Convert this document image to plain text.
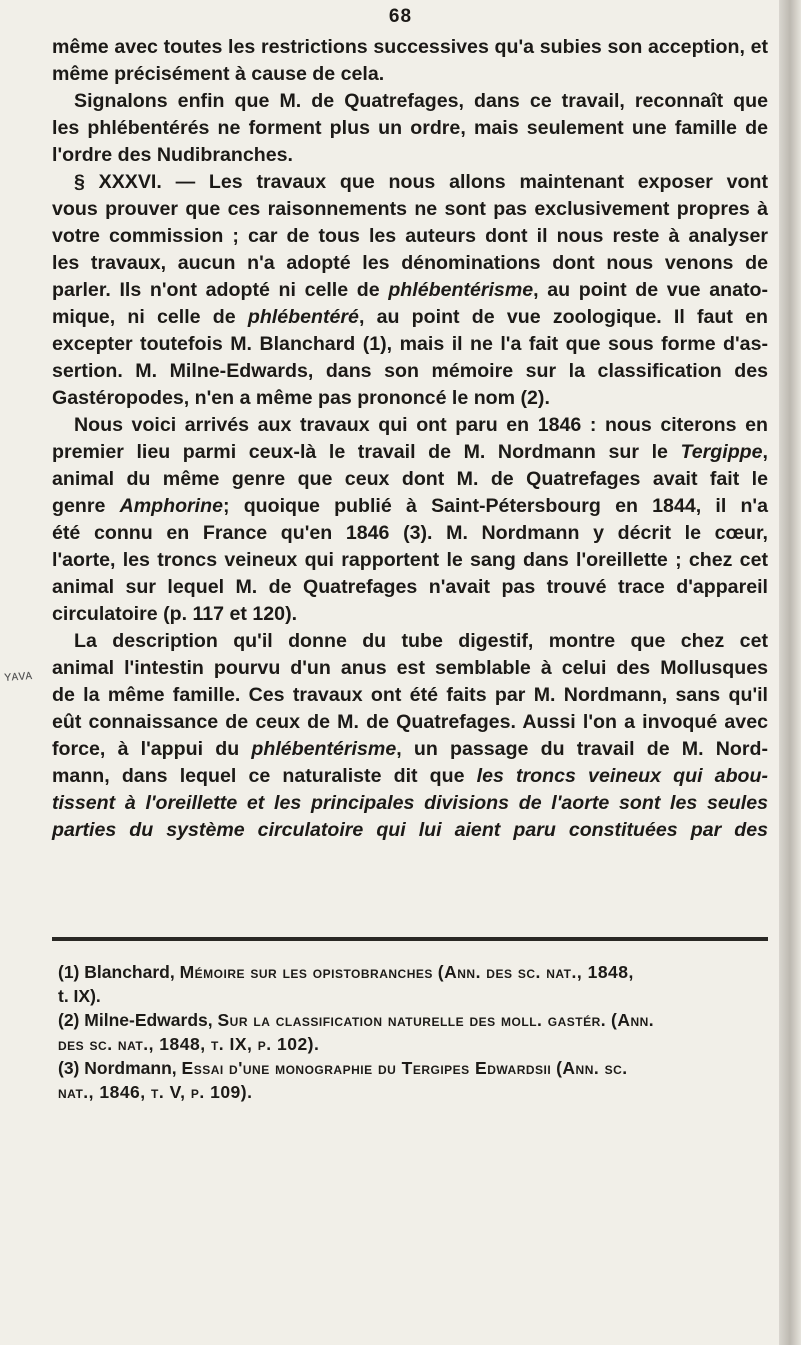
ʏᴀᴠᴀ
68
même avec toutes les restrictions successives qu'a subies son acception, et
même précisément à cause de cela.
Signalons enfin que M. de Quatrefages, dans ce travail, reconnaît que
les phlébentérés ne forment plus un ordre, mais seulement une famille de
l'ordre des Nudibranches.
§ XXXVI. — Les travaux que nous allons maintenant exposer vont
vous prouver que ces raisonnements ne sont pas exclusivement propres à
votre commission ; car de tous les auteurs dont il nous reste à analyser
les travaux, aucun n'a adopté les dénominations dont nous venons de
parler. Ils n'ont adopté ni celle de phlébentérisme, au point de vue anato-
mique, ni celle de phlébentéré, au point de vue zoologique. Il faut en
excepter toutefois M. Blanchard (1), mais il ne l'a fait que sous forme d'as-
sertion. M. Milne-Edwards, dans son mémoire sur la classification des
Gastéropodes, n'en a même pas prononcé le nom (2).
Nous voici arrivés aux travaux qui ont paru en 1846 : nous citerons en
premier lieu parmi ceux-là le travail de M. Nordmann sur le Tergippe,
animal du même genre que ceux dont M. de Quatrefages avait fait le
genre Amphorine; quoique publié à Saint-Pétersbourg en 1844, il n'a
été connu en France qu'en 1846 (3). M. Nordmann y décrit le cœur,
l'aorte, les troncs veineux qui rapportent le sang dans l'oreillette ; chez cet
animal sur lequel M. de Quatrefages n'avait pas trouvé trace d'appareil
circulatoire (p. 117 et 120).
La description qu'il donne du tube digestif, montre que chez cet
animal l'intestin pourvu d'un anus est semblable à celui des Mollusques
de la même famille. Ces travaux ont été faits par M. Nordmann, sans qu'il
eût connaissance de ceux de M. de Quatrefages. Aussi l'on a invoqué avec
force, à l'appui du phlébentérisme, un passage du travail de M. Nord-
mann, dans lequel ce naturaliste dit que les troncs veineux qui abou-
tissent à l'oreillette et les principales divisions de l'aorte sont les seules
parties du système circulatoire qui lui aient paru constituées par des
(1) Blanchard, Mémoire sur les opistobranches (Ann. des sc. nat., 1848,
t. IX).
(2) Milne-Edwards, Sur la classification naturelle des moll. gastér. (Ann.
des sc. nat., 1848, t. IX, p. 102).
(3) Nordmann, Essai d'une monographie du Tergipes Edwardsii (Ann. sc.
nat., 1846, t. V, p. 109).
